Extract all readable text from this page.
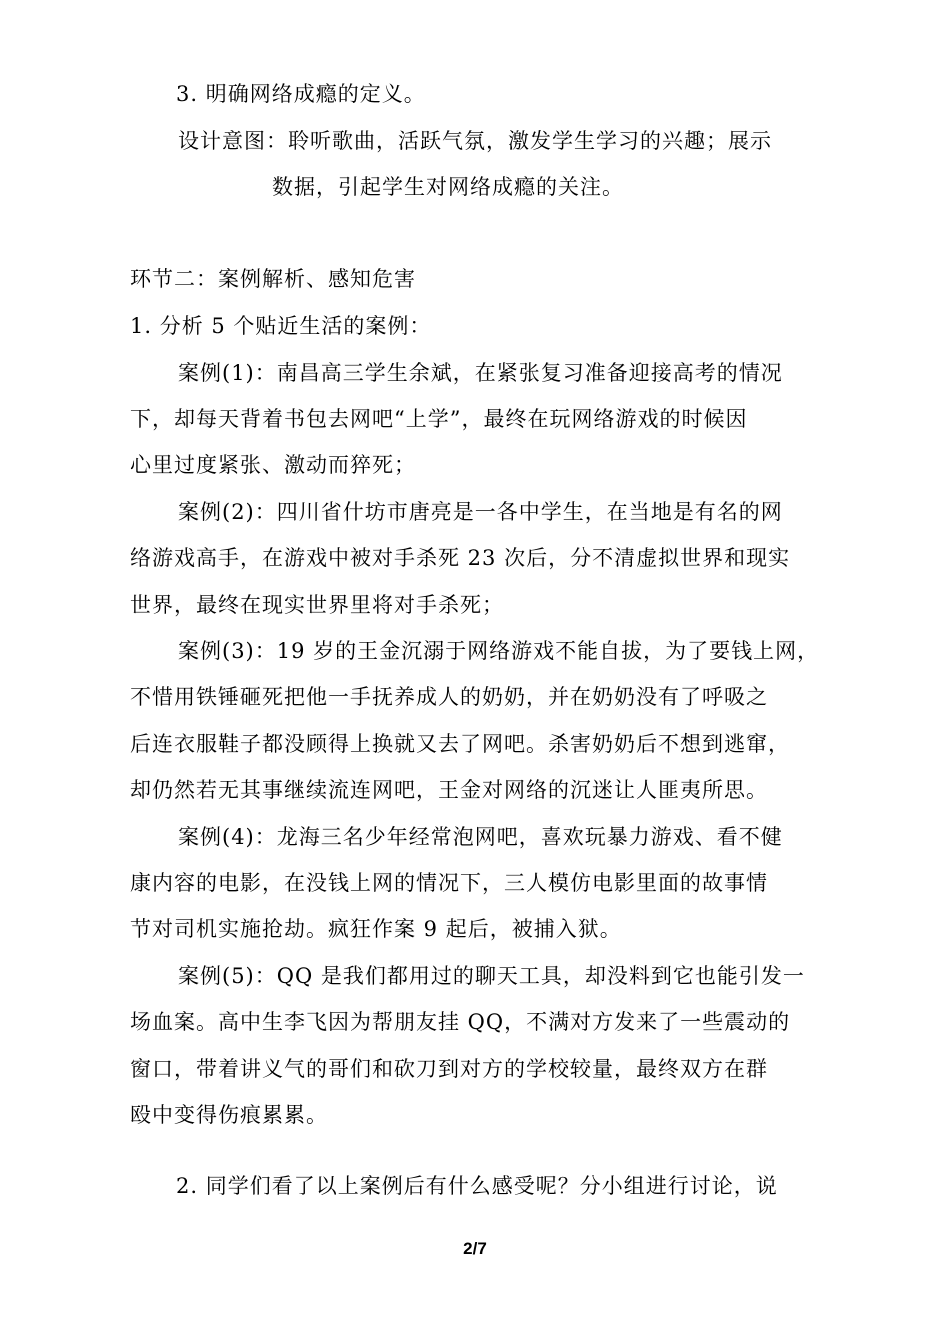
3. 明确网络成瘾的定义。

设计意图：聆听歌曲，活跃气氛，激发学生学习的兴趣；展示

数据，引起学生对网络成瘾的关注。

环节二：案例解析、感知危害

1. 分析 5 个贴近生活的案例：

案例(1)：南昌高三学生余斌，在紧张复习准备迎接高考的情况

下，却每天背着书包去网吧“上学”，最终在玩网络游戏的时候因

心里过度紧张、激动而猝死；

案例(2)：四川省什坊市唐亮是一各中学生，在当地是有名的网

络游戏高手，在游戏中被对手杀死 23 次后，分不清虚拟世界和现实

世界，最终在现实世界里将对手杀死；

案例(3)：19 岁的王金沉溺于网络游戏不能自拔，为了要钱上网，

不惜用铁锤砸死把他一手抚养成人的奶奶，并在奶奶没有了呼吸之

后连衣服鞋子都没顾得上换就又去了网吧。杀害奶奶后不想到逃窜，

却仍然若无其事继续流连网吧，王金对网络的沉迷让人匪夷所思。

案例(4)：龙海三名少年经常泡网吧，喜欢玩暴力游戏、看不健

康内容的电影，在没钱上网的情况下，三人模仿电影里面的故事情

节对司机实施抢劫。疯狂作案 9 起后，被捕入狱。

案例(5)：QQ 是我们都用过的聊天工具，却没料到它也能引发一

场血案。高中生李飞因为帮朋友挂 QQ，不满对方发来了一些震动的

窗口，带着讲义气的哥们和砍刀到对方的学校较量，最终双方在群

殴中变得伤痕累累。

2. 同学们看了以上案例后有什么感受呢？分小组进行讨论，说

2/7
